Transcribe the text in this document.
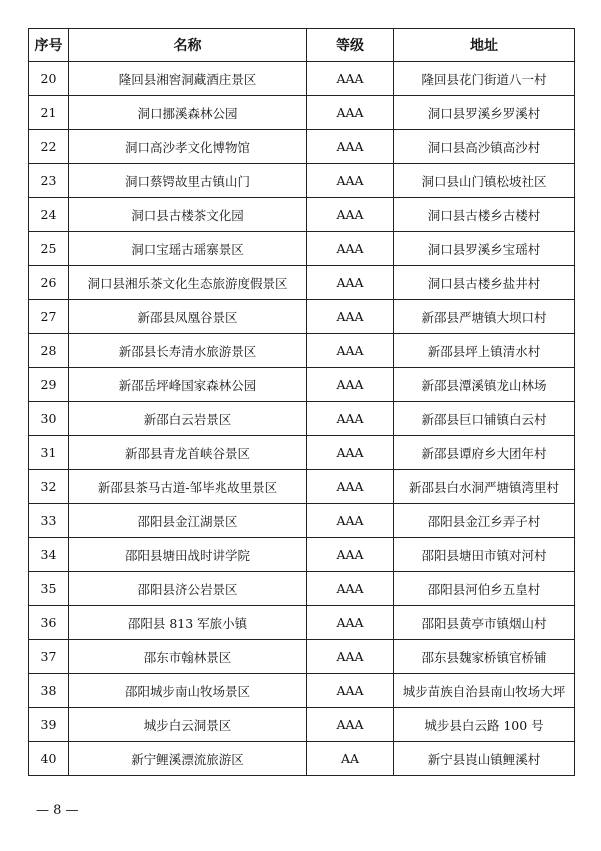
序号	名称	等级	地址
20	隆回县湘窖洞藏酒庄景区	AAA	隆回县花门街道八一村
21	洞口挪溪森林公园	AAA	洞口县罗溪乡罗溪村
22	洞口高沙孝文化博物馆	AAA	洞口县高沙镇高沙村
23	洞口蔡锷故里古镇山门	AAA	洞口县山门镇松坡社区
24	洞口县古楼茶文化园	AAA	洞口县古楼乡古楼村
25	洞口宝瑶古瑶寨景区	AAA	洞口县罗溪乡宝瑶村
26	洞口县湘乐茶文化生态旅游度假景区	AAA	洞口县古楼乡盐井村
27	新邵县凤凰谷景区	AAA	新邵县严塘镇大坝口村
28	新邵县长寿清水旅游景区	AAA	新邵县坪上镇清水村
29	新邵岳坪峰国家森林公园	AAA	新邵县潭溪镇龙山林场
30	新邵白云岩景区	AAA	新邵县巨口铺镇白云村
31	新邵县青龙首峡谷景区	AAA	新邵县谭府乡大团年村
32	新邵县茶马古道-邹毕兆故里景区	AAA	新邵县白水洞严塘镇湾里村
33	邵阳县金江湖景区	AAA	邵阳县金江乡弄子村
34	邵阳县塘田战时讲学院	AAA	邵阳县塘田市镇对河村
35	邵阳县济公岩景区	AAA	邵阳县河伯乡五皇村
36	邵阳县 813 军旅小镇	AAA	邵阳县黄亭市镇烟山村
37	邵东市翰林景区	AAA	邵东县魏家桥镇官桥铺
38	邵阳城步南山牧场景区	AAA	城步苗族自治县南山牧场大坪
39	城步白云洞景区	AAA	城步县白云路 100 号
40	新宁鲤溪漂流旅游区	AA	新宁县崀山镇鲤溪村
— 8 —
